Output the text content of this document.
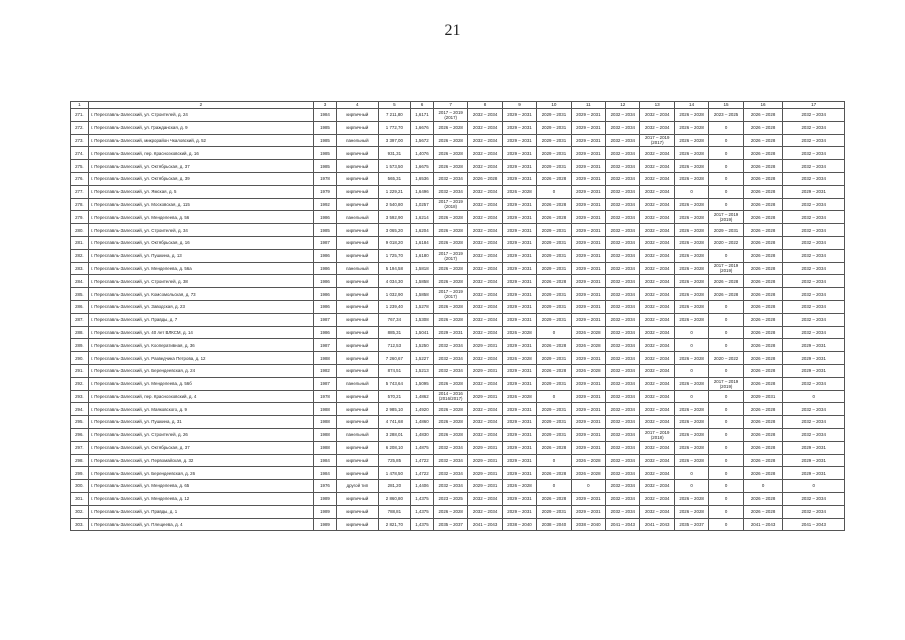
21
1	2	3	4	5	6	7	8	9	10	11	12	13	14	15	16	17
271.	г. Переславль-Залесский, ул. Строителей, д. 24	1984	кирпичный	7 211,80	1,6171	2017 – 2019 (2017)	2032 – 2034	2029 – 2031	2029 – 2031	2029 – 2031	2032 – 2034	2032 – 2034	2026 – 2028	2023 – 2025	2026 – 2028	2032 – 2034
272.	г. Переславль-Залесский, ул. Гражданская, д. 9	1985	кирпичный	1 772,70	1,6676	2026 – 2028	2032 – 2034	2029 – 2031	2029 – 2031	2029 – 2031	2032 – 2034	2032 – 2034	2026 – 2028	0	2026 – 2028	2032 – 2034
273.	г. Переславль-Залесский, микрорайон Чкаловский, д. 52	1985	панельный	3 397,00	1,5672	2026 – 2028	2032 – 2034	2029 – 2031	2029 – 2031	2029 – 2031	2032 – 2034	2017 – 2019 (2017)	2026 – 2028	0	2026 – 2028	2032 – 2034
274.	г. Переславль-Залесский, пер. Красноэховский, д. 16	1985	кирпичный	931,31	1,4076	2026 – 2028	2032 – 2034	2029 – 2031	2029 – 2031	2029 – 2031	2032 – 2034	2032 – 2034	2026 – 2028	0	2026 – 2028	2032 – 2034
275.	г. Переславль-Залесский, ул. Октябрьская, д. 37	1985	кирпичный	1 573,50	1,6675	2026 – 2028	2032 – 2034	2029 – 2031	2029 – 2031	2029 – 2031	2032 – 2034	2032 – 2034	2026 – 2028	0	2026 – 2028	2032 – 2034
276.	г. Переславль-Залесский, ул. Октябрьская, д. 39	1978	кирпичный	565,31	1,6536	2032 – 2034	2026 – 2028	2029 – 2031	2026 – 2028	2029 – 2031	2032 – 2034	2032 – 2034	2026 – 2028	0	2026 – 2028	2032 – 2034
277.	г. Переславль-Залесский, ул. Ямская, д. 5	1979	кирпичный	1 229,21	1,6496	2032 – 2034	2032 – 2034	2026 – 2028	0	2029 – 2031	2032 – 2034	2032 – 2034	0	0	2026 – 2028	2029 – 2031
278.	г. Переславль-Залесский, ул. Московская, д. 115	1992	кирпичный	2 540,80	1,0257	2017 – 2019 (2018)	2032 – 2034	2029 – 2031	2026 – 2028	2029 – 2031	2032 – 2034	2032 – 2034	2026 – 2028	0	2026 – 2028	2032 – 2034
279.	г. Переславль-Залесский, ул. Менделеева, д. 56	1986	панельный	3 592,90	1,6214	2026 – 2028	2032 – 2034	2029 – 2031	2026 – 2028	2029 – 2031	2032 – 2034	2032 – 2034	2026 – 2028	2017 – 2019 (2019)	2026 – 2028	2032 – 2034
280.	г. Переславль-Залесский, ул. Строителей, д. 34	1985	кирпичный	3 065,20	1,6204	2026 – 2028	2032 – 2034	2029 – 2031	2029 – 2031	2029 – 2031	2032 – 2034	2032 – 2034	2026 – 2028	2029 – 2031	2026 – 2028	2032 – 2034
281.	г. Переславль-Залесский, ул. Октябрьская, д. 16	1987	кирпичный	9 018,20	1,6184	2026 – 2028	2032 – 2034	2029 – 2031	2029 – 2031	2029 – 2031	2032 – 2034	2032 – 2034	2026 – 2028	2020 – 2022	2026 – 2028	2032 – 2034
282.	г. Переславль-Залесский, ул. Пушкина, д. 13	1986	кирпичный	1 725,70	1,6180	2017 – 2019 (2017)	2032 – 2034	2029 – 2031	2029 – 2031	2029 – 2031	2032 – 2034	2032 – 2034	2026 – 2028	0	2026 – 2028	2032 – 2034
283.	г. Переславль-Залесский, ул. Менделеева, д. 56а	1986	панельный	5 194,58	1,5818	2026 – 2028	2032 – 2034	2029 – 2031	2029 – 2031	2029 – 2031	2032 – 2034	2032 – 2034	2026 – 2028	2017 – 2019 (2019)	2026 – 2028	2032 – 2034
284.	г. Переславль-Залесский, ул. Строителей, д. 38	1986	кирпичный	4 034,30	1,5858	2026 – 2028	2032 – 2034	2029 – 2031	2026 – 2028	2029 – 2031	2032 – 2034	2032 – 2034	2026 – 2028	2026 – 2028	2026 – 2028	2032 – 2034
285.	г. Переславль-Залесский, ул. Комсомольская, д. 73	1986	кирпичный	1 032,90	1,5858	2017 – 2019 (2017)	2032 – 2034	2029 – 2031	2029 – 2031	2029 – 2031	2032 – 2034	2032 – 2034	2026 – 2028	2026 – 2028	2026 – 2028	2032 – 2034
286.	г. Переславль-Залесский, ул. Заводская, д. 23	1986	кирпичный	1 239,40	1,5278	2026 – 2028	2032 – 2034	2029 – 2031	2029 – 2031	2029 – 2031	2032 – 2034	2032 – 2034	2026 – 2028	0	2026 – 2028	2032 – 2034
287.	г. Переславль-Залесский, ул. Правды, д. 7	1987	кирпичный	767,34	1,5308	2026 – 2028	2032 – 2034	2029 – 2031	2029 – 2031	2029 – 2031	2032 – 2034	2032 – 2034	2026 – 2028	0	2026 – 2028	2032 – 2034
288.	г. Переславль-Залесский, ул. 40 лет ВЛКСМ, д. 14	1986	кирпичный	885,31	1,5041	2029 – 2031	2032 – 2034	2026 – 2028	0	2026 – 2028	2032 – 2034	2032 – 2034	0	0	2026 – 2028	2032 – 2034
289.	г. Переславль-Залесский, ул. Кооперативная, д. 36	1987	кирпичный	712,53	1,5250	2032 – 2034	2029 – 2031	2029 – 2031	2026 – 2028	2026 – 2028	2032 – 2034	2032 – 2034	0	0	2026 – 2028	2029 – 2031
290.	г. Переславль-Залесский, ул. Разведчика Петрова, д. 12	1988	кирпичный	7 260,67	1,5227	2032 – 2034	2032 – 2034	2026 – 2028	2029 – 2031	2029 – 2031	2032 – 2034	2032 – 2034	2026 – 2028	2020 – 2022	2026 – 2028	2029 – 2031
291.	г. Переславль-Залесский, ул. Берендеевская, д. 24	1982	кирпичный	874,51	1,5213	2032 – 2034	2029 – 2031	2029 – 2031	2026 – 2028	2026 – 2028	2032 – 2034	2032 – 2034	0	0	2026 – 2028	2029 – 2031
292.	г. Переславль-Залесский, ул. Менделеева, д. 56б	1987	панельный	5 743,64	1,5095	2026 – 2028	2032 – 2034	2029 – 2031	2029 – 2031	2029 – 2031	2032 – 2034	2032 – 2034	2026 – 2028	2017 – 2019 (2019)	2026 – 2028	2032 – 2034
293.	г. Переславль-Залесский, пер. Красноэховский, д. 4	1978	кирпичный	570,21	1,4862	2014 – 2016 (2016/2017)	2029 – 2031	2026 – 2028	0	2029 – 2031	2032 – 2034	2032 – 2034	0	0	2029 – 2031	0
294.	г. Переславль-Залесский, ул. Маяковского, д. 9	1988	кирпичный	2 985,10	1,4920	2026 – 2028	2032 – 2034	2029 – 2031	2029 – 2031	2029 – 2031	2032 – 2034	2032 – 2034	2026 – 2028	0	2026 – 2028	2032 – 2034
295.	г. Переславль-Залесский, ул. Пушкина, д. 31	1988	кирпичный	4 741,68	1,4860	2026 – 2028	2032 – 2034	2029 – 2031	2029 – 2031	2029 – 2031	2032 – 2034	2032 – 2034	2026 – 2028	0	2026 – 2028	2032 – 2034
296.	г. Переславль-Залесский, ул. Строителей, д. 26	1988	панельный	3 288,01	1,4830	2026 – 2028	2032 – 2034	2029 – 2031	2029 – 2031	2029 – 2031	2032 – 2034	2017 – 2019 (2018)	2026 – 2028	0	2026 – 2028	2032 – 2034
297.	г. Переславль-Залесский, ул. Октябрьская, д. 37	1988	кирпичный	6 208,10	1,4875	2032 – 2034	2029 – 2031	2029 – 2031	2026 – 2028	2029 – 2031	2032 – 2034	2032 – 2034	2026 – 2028	0	2026 – 2028	2029 – 2031
298.	г. Переславль-Залесский, ул. Первомайская, д. 32	1984	кирпичный	725,85	1,4722	2032 – 2034	2029 – 2031	2029 – 2031	0	2026 – 2028	2032 – 2034	2032 – 2034	2026 – 2028	0	2026 – 2028	2029 – 2031
299.	г. Переславль-Залесский, ул. Берендеевская, д. 26	1984	кирпичный	1 478,50	1,4722	2032 – 2034	2029 – 2031	2029 – 2031	2026 – 2028	2026 – 2028	2032 – 2034	2032 – 2034	0	0	2026 – 2028	2029 – 2031
300.	г. Переславль-Залесский, ул. Менделеева, д. 65	1976	другой тип	281,20	1,4406	2032 – 2034	2029 – 2031	2026 – 2028	0	0	2032 – 2034	2032 – 2034	0	0	0	0
301.	г. Переславль-Залесский, ул. Менделеева, д. 12	1989	кирпичный	2 860,80	1,4375	2023 – 2025	2032 – 2034	2029 – 2031	2026 – 2028	2029 – 2031	2032 – 2034	2032 – 2034	2026 – 2028	0	2026 – 2028	2032 – 2034
302.	г. Переславль-Залесский, ул. Правды, д. 1	1989	кирпичный	788,81	1,4375	2026 – 2028	2032 – 2034	2029 – 2031	2029 – 2031	2029 – 2031	2032 – 2034	2032 – 2034	2026 – 2028	0	2026 – 2028	2032 – 2034
303.	г. Переславль-Залесский, ул. Плещеева, д. 4	1989	кирпичный	2 821,70	1,4375	2035 – 2037	2041 – 2043	2038 – 2040	2038 – 2040	2038 – 2040	2041 – 2043	2041 – 2043	2035 – 2037	0	2041 – 2043	2041 – 2043
